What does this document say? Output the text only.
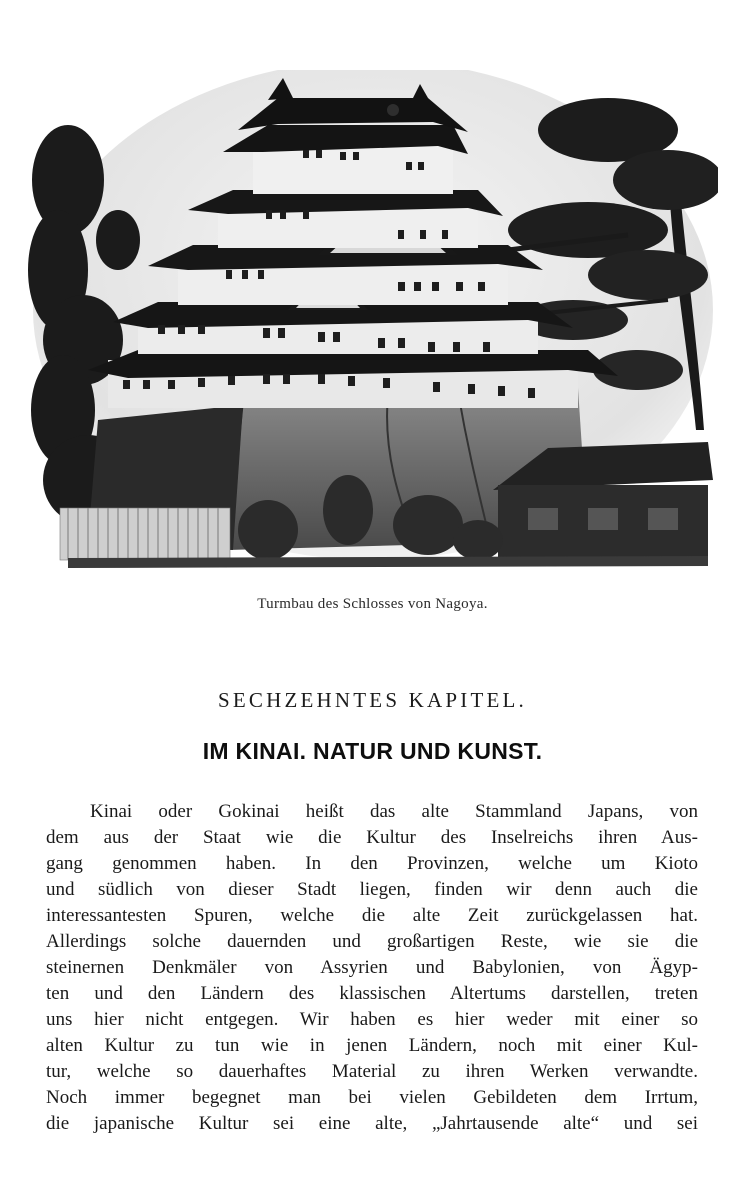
Turmbau des Schlosses von Nagoya.
SECHZEHNTES KAPITEL.
IM KINAI. NATUR UND KUNST.
Kinai oder Gokinai heißt das alte Stammland Japans, von
dem aus der Staat wie die Kultur des Inselreichs ihren Aus-
gang genommen haben. In den Provinzen, welche um Kioto
und südlich von dieser Stadt liegen, finden wir denn auch die
interessantesten Spuren, welche die alte Zeit zurückgelassen hat.
Allerdings solche dauernden und großartigen Reste, wie sie die
steinernen Denkmäler von Assyrien und Babylonien, von Ägyp-
ten und den Ländern des klassischen Altertums darstellen, treten
uns hier nicht entgegen. Wir haben es hier weder mit einer so
alten Kultur zu tun wie in jenen Ländern, noch mit einer Kul-
tur, welche so dauerhaftes Material zu ihren Werken verwandte.
Noch immer begegnet man bei vielen Gebildeten dem Irrtum,
die japanische Kultur sei eine alte, „Jahrtausende alte“ und sei
